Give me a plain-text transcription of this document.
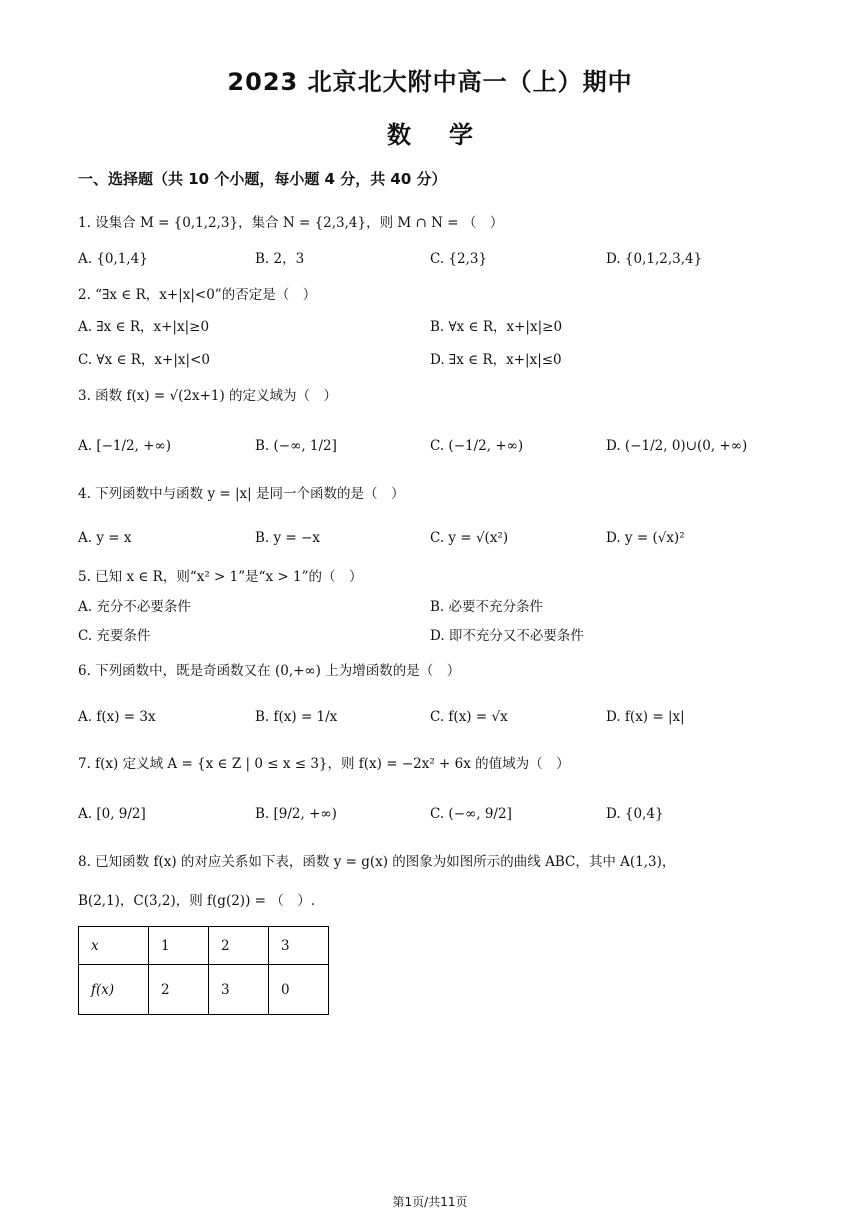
2023 北京北大附中高一（上）期中
数学
一、选择题（共 10 个小题，每小题 4 分，共 40 分）
1. 设集合 M = {0,1,2,3}，集合 N = {2,3,4}，则 M ∩ N = （　）
A. {0,1,4}	B. 2，3	C. {2,3}	D. {0,1,2,3,4}
2. “∃x ∈ R，x+|x|<0”的否定是（　）
A. ∃x ∈ R，x+|x|≥0	B. ∀x ∈ R，x+|x|≥0
C. ∀x ∈ R，x+|x|<0	D. ∃x ∈ R，x+|x|≤0
3. 函数 f(x) = √(2x+1) 的定义域为（　）
A. [−1/2, +∞)	B. (−∞, 1/2]	C. (−1/2, +∞)	D. (−1/2, 0)∪(0, +∞)
4. 下列函数中与函数 y = |x| 是同一个函数的是（　）
A. y = x	B. y = −x	C. y = √(x²)	D. y = (√x)²
5. 已知 x ∈ R，则“x² > 1”是“x > 1”的（　）
A. 充分不必要条件	B. 必要不充分条件
C. 充要条件	D. 即不充分又不必要条件
6. 下列函数中，既是奇函数又在 (0,+∞) 上为增函数的是（　）
A. f(x) = 3x	B. f(x) = 1/x	C. f(x) = √x	D. f(x) = |x|
7. f(x) 定义域 A = {x ∈ Z | 0 ≤ x ≤ 3}，则 f(x) = −2x² + 6x 的值域为（　）
A. [0, 9/2]	B. [9/2, +∞)	C. (−∞, 9/2]	D. {0,4}
8. 已知函数 f(x) 的对应关系如下表，函数 y = g(x) 的图象为如图所示的曲线 ABC，其中 A(1,3)，
B(2,1)，C(3,2)，则 f(g(2)) = （　）.
x	1	2	3
f(x)	2	3	0
第1页/共11页
